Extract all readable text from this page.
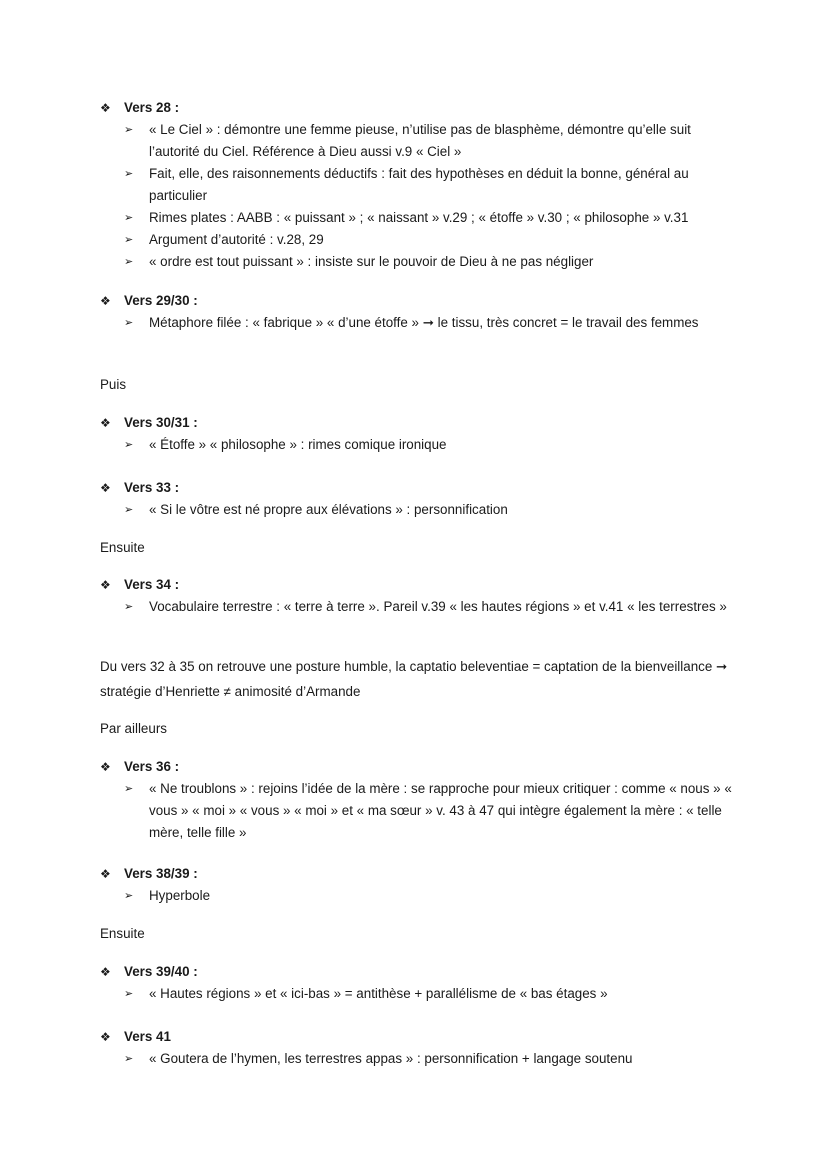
❖ Vers 28 :
➢ « Le Ciel » : démontre une femme pieuse, n’utilise pas de blasphème, démontre qu’elle suit l’autorité du Ciel. Référence à Dieu aussi v.9 « Ciel »
➢ Fait, elle, des raisonnements déductifs : fait des hypothèses en déduit la bonne, général au particulier
➢ Rimes plates : AABB : « puissant » ; « naissant » v.29 ; « étoffe » v.30 ; « philosophe » v.31
➢ Argument d’autorité : v.28, 29
➢ « ordre est tout puissant » : insiste sur le pouvoir de Dieu à ne pas négliger
❖ Vers 29/30 :
➢ Métaphore filée : « fabrique » « d’une étoffe » ➞ le tissu, très concret = le travail des femmes
Puis
❖ Vers 30/31 :
➢ « Étoffe » « philosophe » : rimes comique ironique
❖ Vers 33 :
➢ « Si le vôtre est né propre aux élévations » : personnification
Ensuite
❖ Vers 34 :
➢ Vocabulaire terrestre : « terre à terre ». Pareil v.39 « les hautes régions » et v.41 « les terrestres »
Du vers 32 à 35 on retrouve une posture humble, la captatio beleventiae = captation de la bienveillance ➞ stratégie d’Henriette ≠ animosité d’Armande
Par ailleurs
❖ Vers 36 :
➢ « Ne troublons » : rejoins l’idée de la mère : se rapproche pour mieux critiquer : comme « nous » « vous » « moi » « vous » « moi » et « ma sœur » v. 43 à 47 qui intègre également la mère : « telle mère, telle fille »
❖ Vers 38/39 :
➢ Hyperbole
Ensuite
❖ Vers 39/40 :
➢ « Hautes régions » et « ici-bas » = antithèse + parallélisme de « bas étages »
❖ Vers 41
➢ « Goutera de l’hymen, les terrestres appas » : personnification + langage soutenu
